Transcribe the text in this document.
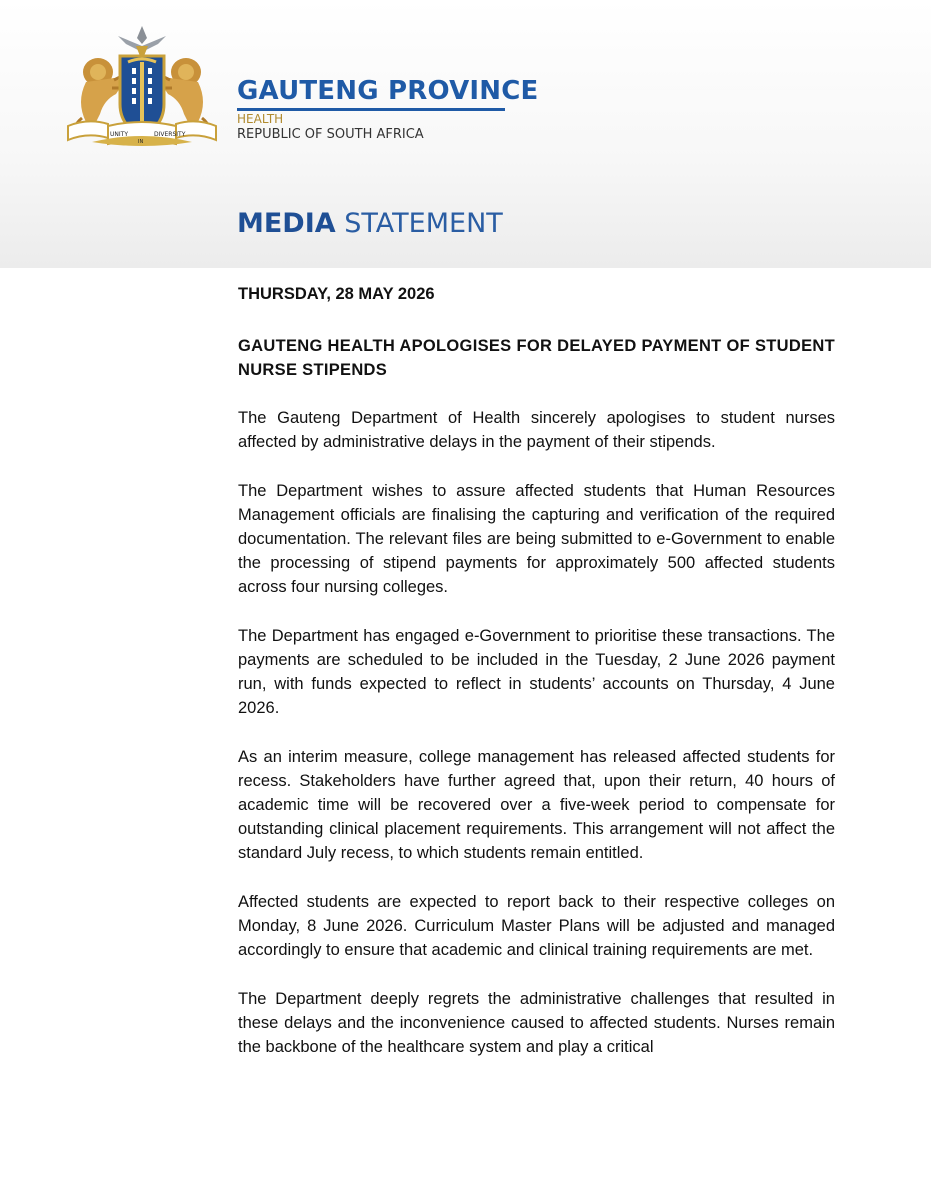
UNITY
IN
DIVERSITY
GAUTENG PROVINCE
HEALTH
REPUBLIC OF SOUTH AFRICA
MEDIA STATEMENT

THURSDAY, 28 MAY 2026

GAUTENG HEALTH APOLOGISES FOR DELAYED PAYMENT OF STUDENT NURSE STIPENDS

The Gauteng Department of Health sincerely apologises to student nurses affected by administrative delays in the payment of their stipends.

The Department wishes to assure affected students that Human Resources Management officials are finalising the capturing and verification of the required documentation. The relevant files are being submitted to e-Government to enable the processing of stipend payments for approximately 500 affected students across four nursing colleges.

The Department has engaged e-Government to prioritise these transactions. The payments are scheduled to be included in the Tuesday, 2 June 2026 payment run, with funds expected to reflect in students’ accounts on Thursday, 4 June 2026.

As an interim measure, college management has released affected students for recess. Stakeholders have further agreed that, upon their return, 40 hours of academic time will be recovered over a five-week period to compensate for outstanding clinical placement requirements. This arrangement will not affect the standard July recess, to which students remain entitled.

Affected students are expected to report back to their respective colleges on Monday, 8 June 2026. Curriculum Master Plans will be adjusted and managed accordingly to ensure that academic and clinical training requirements are met.

The Department deeply regrets the administrative challenges that resulted in these delays and the inconvenience caused to affected students. Nurses remain the backbone of the healthcare system and play a critical
